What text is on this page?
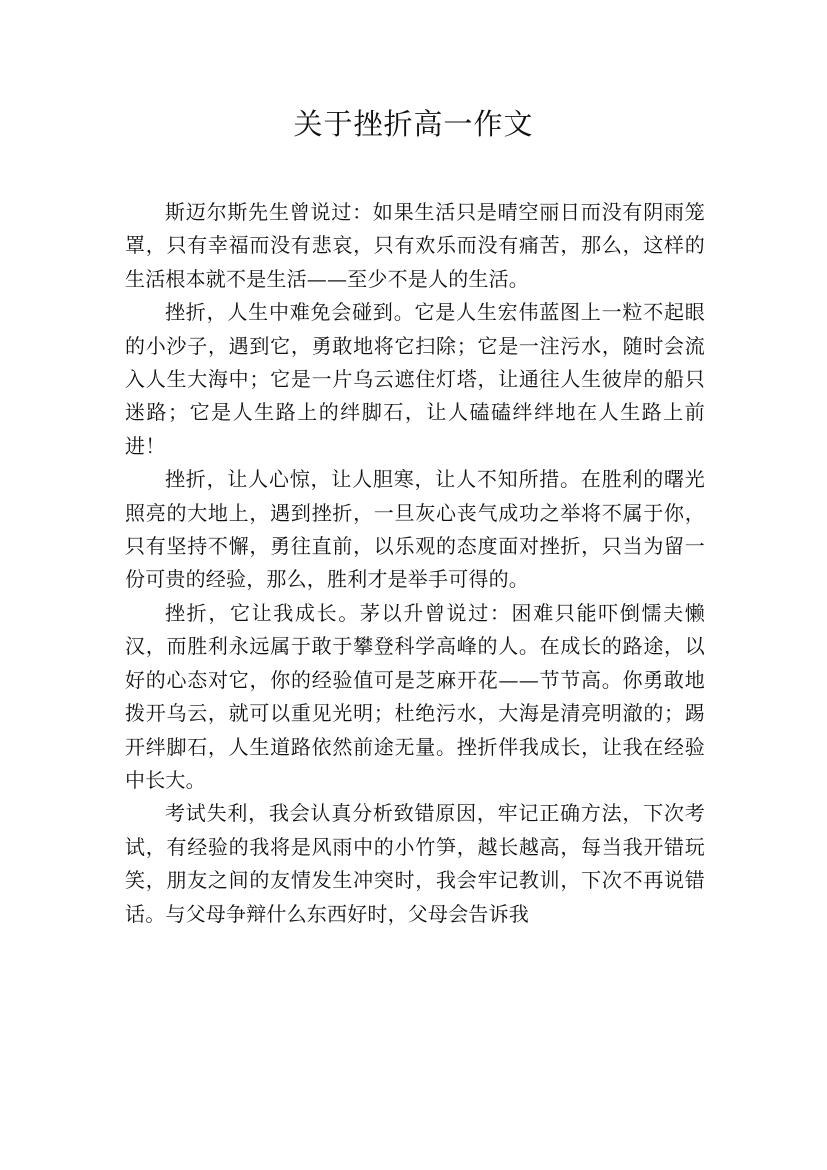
关于挫折高一作文

斯迈尔斯先生曾说过：如果生活只是晴空丽日而没有阴雨笼罩，只有幸福而没有悲哀，只有欢乐而没有痛苦，那么，这样的生活根本就不是生活——至少不是人的生活。

挫折，人生中难免会碰到。它是人生宏伟蓝图上一粒不起眼的小沙子，遇到它，勇敢地将它扫除；它是一注污水，随时会流入人生大海中；它是一片乌云遮住灯塔，让通往人生彼岸的船只迷路；它是人生路上的绊脚石，让人磕磕绊绊地在人生路上前进！

挫折，让人心惊，让人胆寒，让人不知所措。在胜利的曙光照亮的大地上，遇到挫折，一旦灰心丧气成功之举将不属于你，只有坚持不懈，勇往直前，以乐观的态度面对挫折，只当为留一份可贵的经验，那么，胜利才是举手可得的。

挫折，它让我成长。茅以升曾说过：困难只能吓倒懦夫懒汉，而胜利永远属于敢于攀登科学高峰的人。在成长的路途，以好的心态对它，你的经验值可是芝麻开花——节节高。你勇敢地拨开乌云，就可以重见光明；杜绝污水，大海是清亮明澈的；踢开绊脚石，人生道路依然前途无量。挫折伴我成长，让我在经验中长大。

考试失利，我会认真分析致错原因，牢记正确方法，下次考试，有经验的我将是风雨中的小竹笋，越长越高，每当我开错玩笑，朋友之间的友情发生冲突时，我会牢记教训，下次不再说错话。与父母争辩什么东西好时，父母会告诉我
